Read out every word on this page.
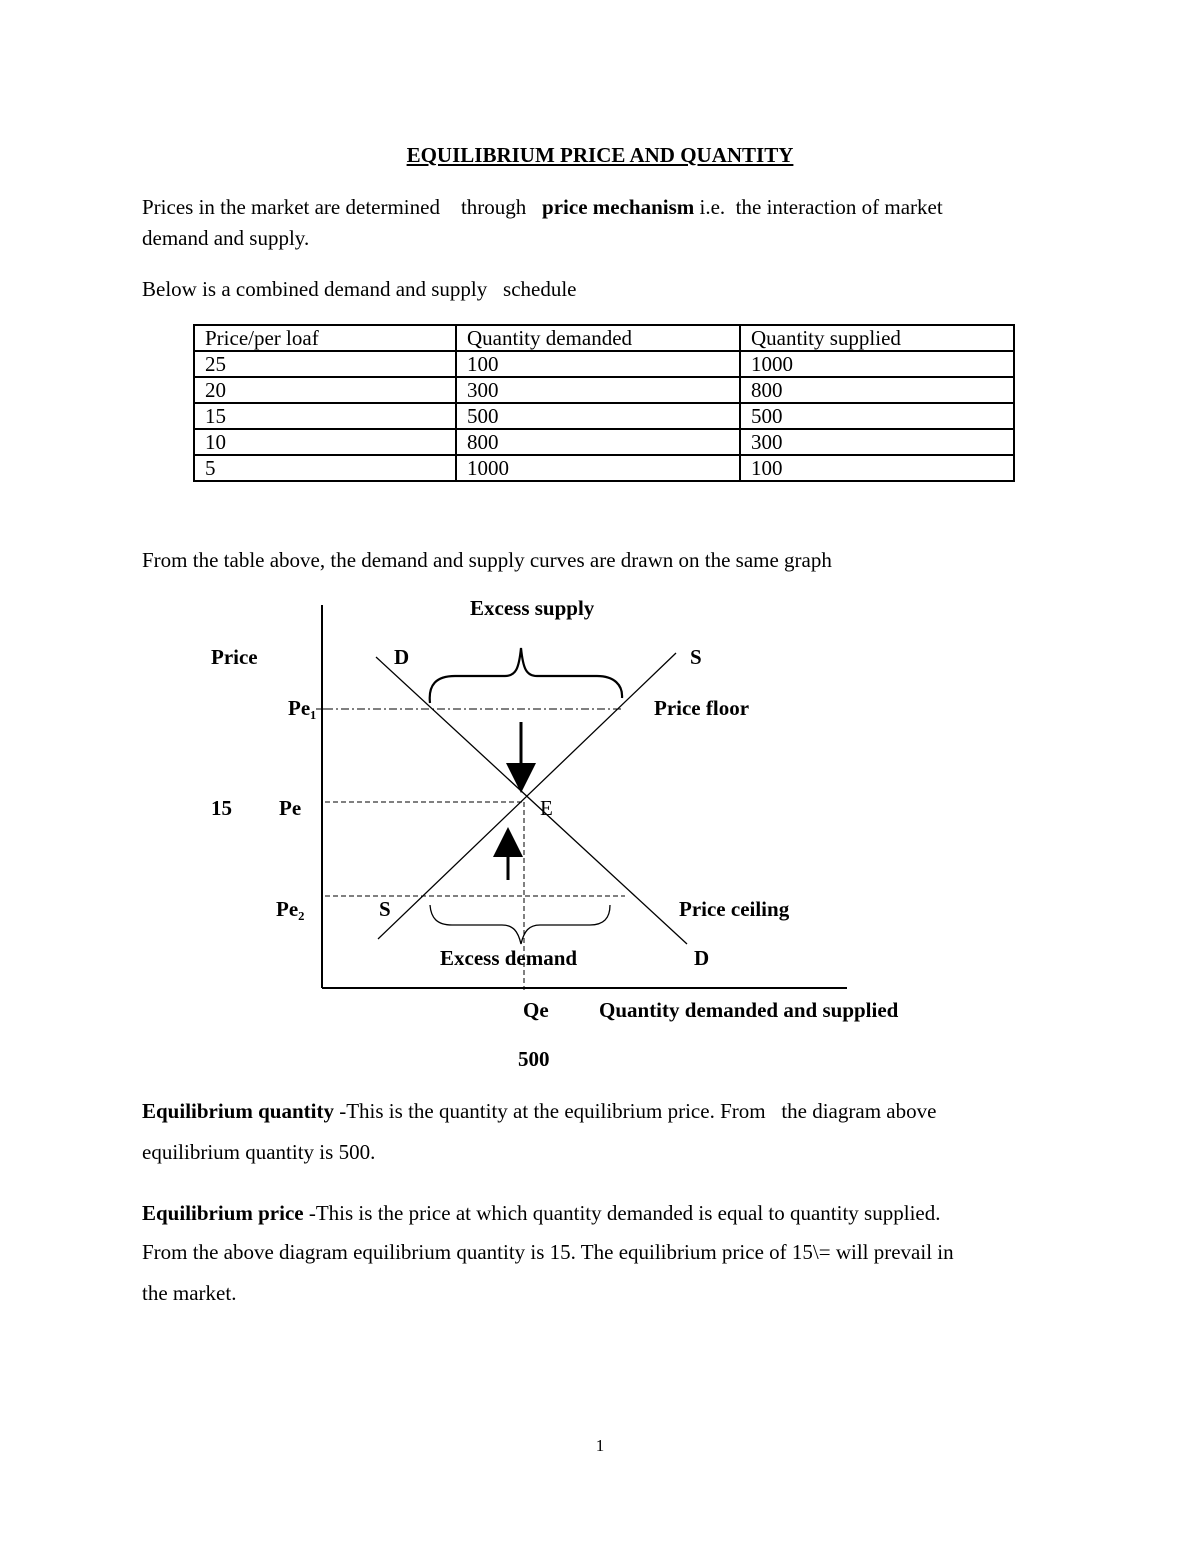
EQUILIBRIUM PRICE AND QUANTITY
Prices in the market are determined    through   price mechanism i.e.  the interaction of market
demand and supply.
Below is a combined demand and supply   schedule
Price/per loaf	Quantity demanded	Quantity supplied
25	100	1000
20	300	800
15	500	500
10	800	300
5	1000	100
From the table above, the demand and supply curves are drawn on the same graph
Excess supply
Price	D	S
Pe₁	Price floor
15 Pe	E
Pe₂	S	Price ceiling
Excess demand	D
Qe Quantity demanded and supplied
500
Equilibrium quantity -This is the quantity at the equilibrium price. From   the diagram above
equilibrium quantity is 500.
Equilibrium price -This is the price at which quantity demanded is equal to quantity supplied.
From the above diagram equilibrium quantity is 15. The equilibrium price of 15\= will prevail in
the market.
1
